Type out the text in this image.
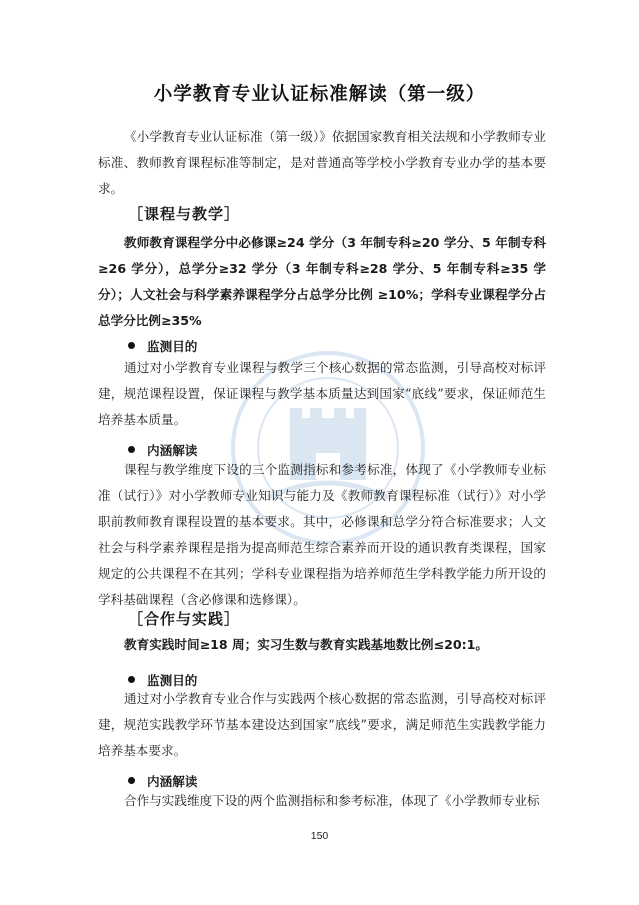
小学教育专业认证标准解读（第一级）

《小学教育专业认证标准（第一级）》依据国家教育相关法规和小学教师专业标准、教师教育课程标准等制定，是对普通高等学校小学教育专业办学的基本要求。

［课程与教学］

教师教育课程学分中必修课≥24 学分（3 年制专科≥20 学分、5 年制专科≥26 学分），总学分≥32 学分（3 年制专科≥28 学分、5 年制专科≥35 学分）；人文社会与科学素养课程学分占总学分比例 ≥10%；学科专业课程学分占总学分比例≥35%

监测目的

通过对小学教育专业课程与教学三个核心数据的常态监测，引导高校对标评建，规范课程设置，保证课程与教学基本质量达到国家“底线”要求，保证师范生培养基本质量。

内涵解读

课程与教学维度下设的三个监测指标和参考标准，体现了《小学教师专业标准（试行）》对小学教师专业知识与能力及《教师教育课程标准（试行）》对小学职前教师教育课程设置的基本要求。其中，必修课和总学分符合标准要求；人文社会与科学素养课程是指为提高师范生综合素养而开设的通识教育类课程，国家规定的公共课程不在其列；学科专业课程指为培养师范生学科教学能力所开设的学科基础课程（含必修课和选修课）。

［合作与实践］

教育实践时间≥18 周；实习生数与教育实践基地数比例≤20:1。

监测目的

通过对小学教育专业合作与实践两个核心数据的常态监测，引导高校对标评建，规范实践教学环节基本建设达到国家“底线”要求，满足师范生实践教学能力培养基本要求。

内涵解读

合作与实践维度下设的两个监测指标和参考标准，体现了《小学教师专业标

150
